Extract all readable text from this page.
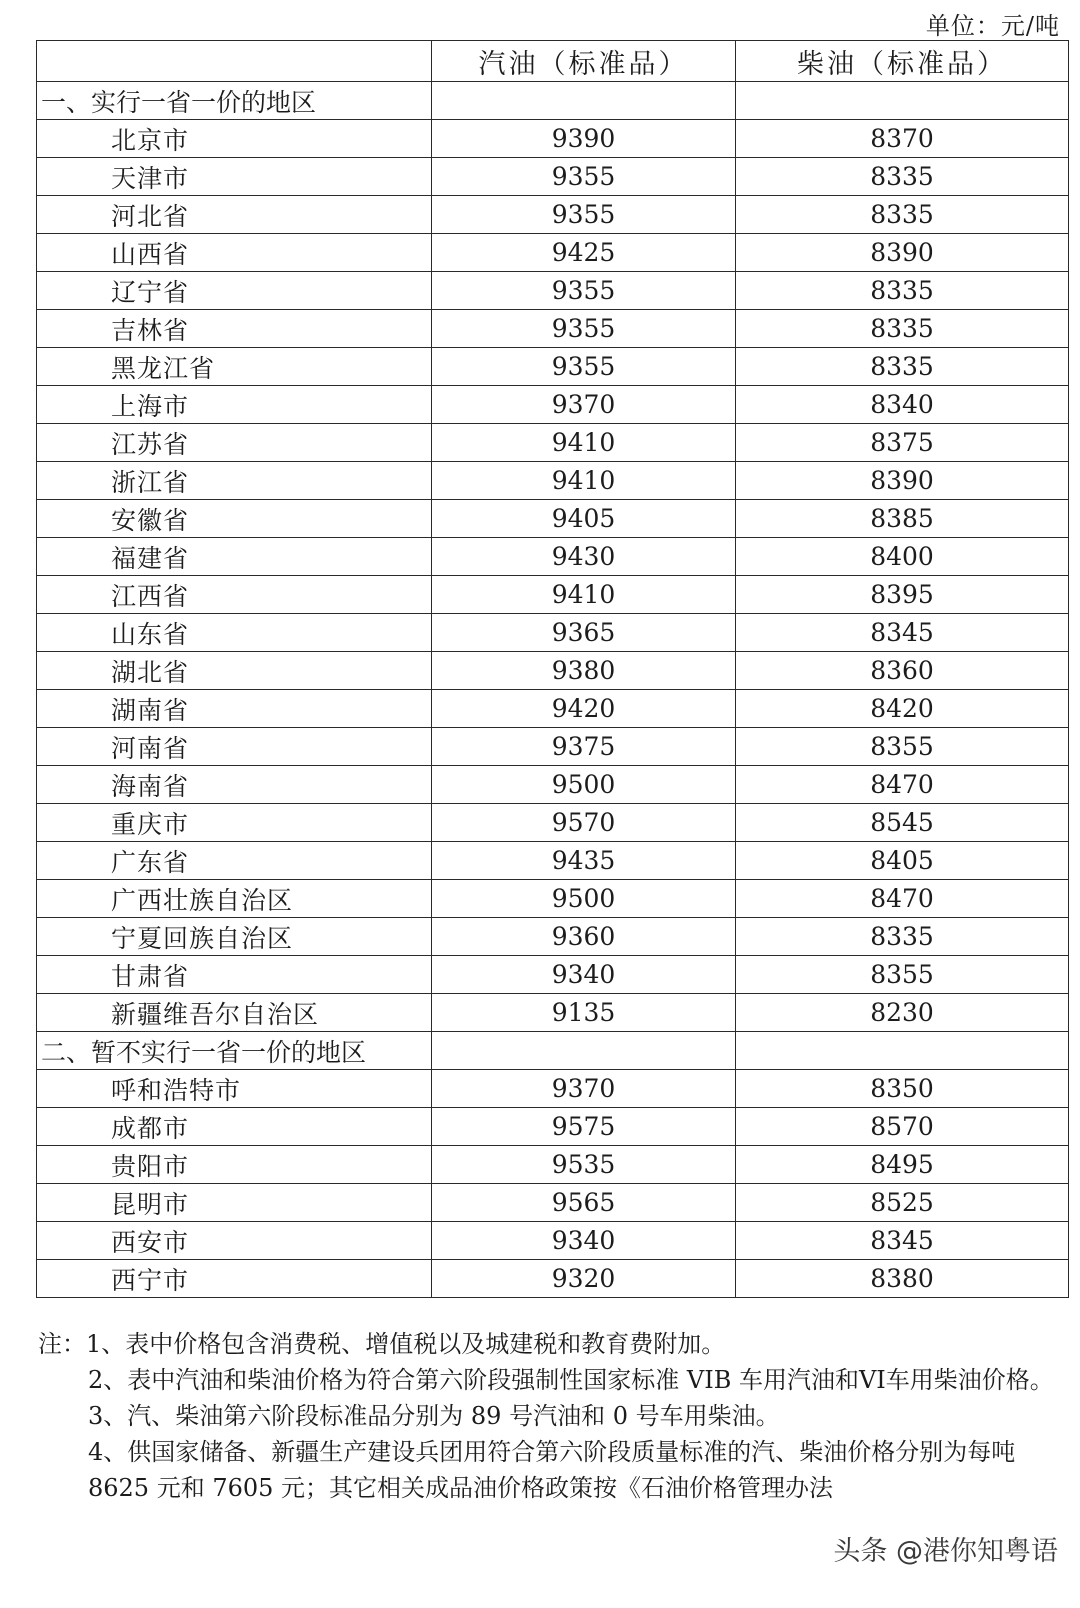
单位：元/吨
	汽油（标准品）	柴油（标准品）
一、实行一省一价的地区		
北京市	9390	8370
天津市	9355	8335
河北省	9355	8335
山西省	9425	8390
辽宁省	9355	8335
吉林省	9355	8335
黑龙江省	9355	8335
上海市	9370	8340
江苏省	9410	8375
浙江省	9410	8390
安徽省	9405	8385
福建省	9430	8400
江西省	9410	8395
山东省	9365	8345
湖北省	9380	8360
湖南省	9420	8420
河南省	9375	8355
海南省	9500	8470
重庆市	9570	8545
广东省	9435	8405
广西壮族自治区	9500	8470
宁夏回族自治区	9360	8335
甘肃省	9340	8355
新疆维吾尔自治区	9135	8230
二、暂不实行一省一价的地区		
呼和浩特市	9370	8350
成都市	9575	8570
贵阳市	9535	8495
昆明市	9565	8525
西安市	9340	8345
西宁市	9320	8380

注：1、表中价格包含消费税、增值税以及城建税和教育费附加。

2、表中汽油和柴油价格为符合第六阶段强制性国家标准 VIB 车用汽油和VI车用柴油价格。

3、汽、柴油第六阶段标准品分别为 89 号汽油和 0 号车用柴油。

4、供国家储备、新疆生产建设兵团用符合第六阶段质量标准的汽、柴油价格分别为每吨 8625 元和 7605 元；其它相关成品油价格政策按《石油价格管理办法

头条 @港你知粤语
